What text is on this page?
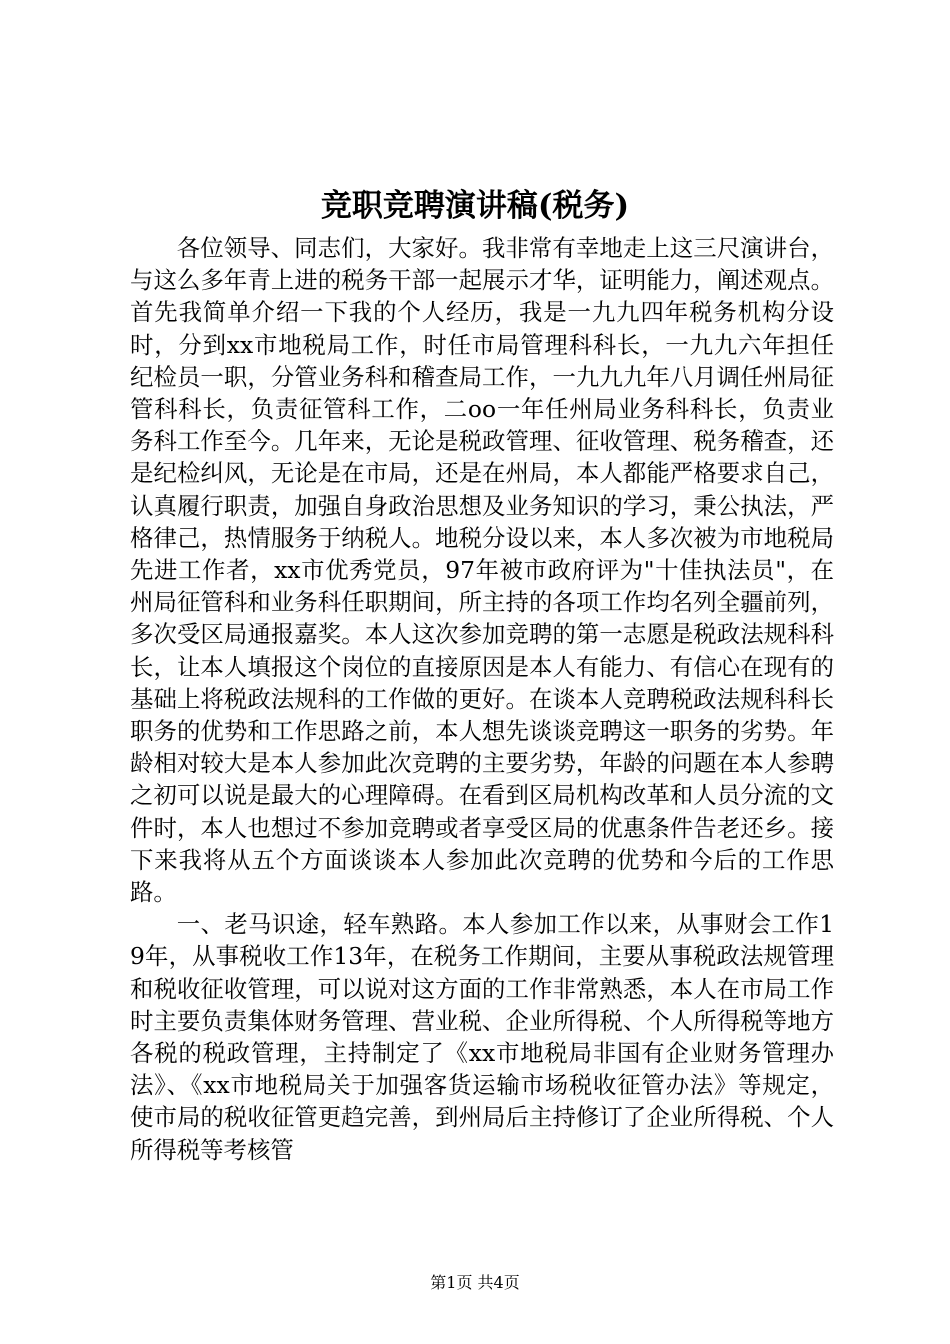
竞职竞聘演讲稿(税务)

各位领导、同志们，大家好。我非常有幸地走上这三尺演讲台，与这么多年青上进的税务干部一起展示才华，证明能力，阐述观点。首先我简单介绍一下我的个人经历，我是一九九四年税务机构分设时，分到xx市地税局工作，时任市局管理科科长，一九九六年担任纪检员一职，分管业务科和稽查局工作，一九九九年八月调任州局征管科科长，负责征管科工作，二oo一年任州局业务科科长，负责业务科工作至今。几年来，无论是税政管理、征收管理、税务稽查，还是纪检纠风，无论是在市局，还是在州局，本人都能严格要求自己，认真履行职责，加强自身政治思想及业务知识的学习，秉公执法，严格律己，热情服务于纳税人。地税分设以来，本人多次被为市地税局先进工作者，xx市优秀党员，97年被市政府评为"十佳执法员"，在州局征管科和业务科任职期间，所主持的各项工作均名列全疆前列，多次受区局通报嘉奖。本人这次参加竞聘的第一志愿是税政法规科科长，让本人填报这个岗位的直接原因是本人有能力、有信心在现有的基础上将税政法规科的工作做的更好。在谈本人竞聘税政法规科科长职务的优势和工作思路之前，本人想先谈谈竞聘这一职务的劣势。年龄相对较大是本人参加此次竞聘的主要劣势，年龄的问题在本人参聘之初可以说是最大的心理障碍。在看到区局机构改革和人员分流的文件时，本人也想过不参加竞聘或者享受区局的优惠条件告老还乡。接下来我将从五个方面谈谈本人参加此次竞聘的优势和今后的工作思路。

一、老马识途，轻车熟路。本人参加工作以来，从事财会工作19年，从事税收工作13年，在税务工作期间，主要从事税政法规管理和税收征收管理，可以说对这方面的工作非常熟悉，本人在市局工作时主要负责集体财务管理、营业税、企业所得税、个人所得税等地方各税的税政管理，主持制定了《xx市地税局非国有企业财务管理办法》、《xx市地税局关于加强客货运输市场税收征管办法》等规定，使市局的税收征管更趋完善，到州局后主持修订了企业所得税、个人所得税等考核管

第1页 共4页
